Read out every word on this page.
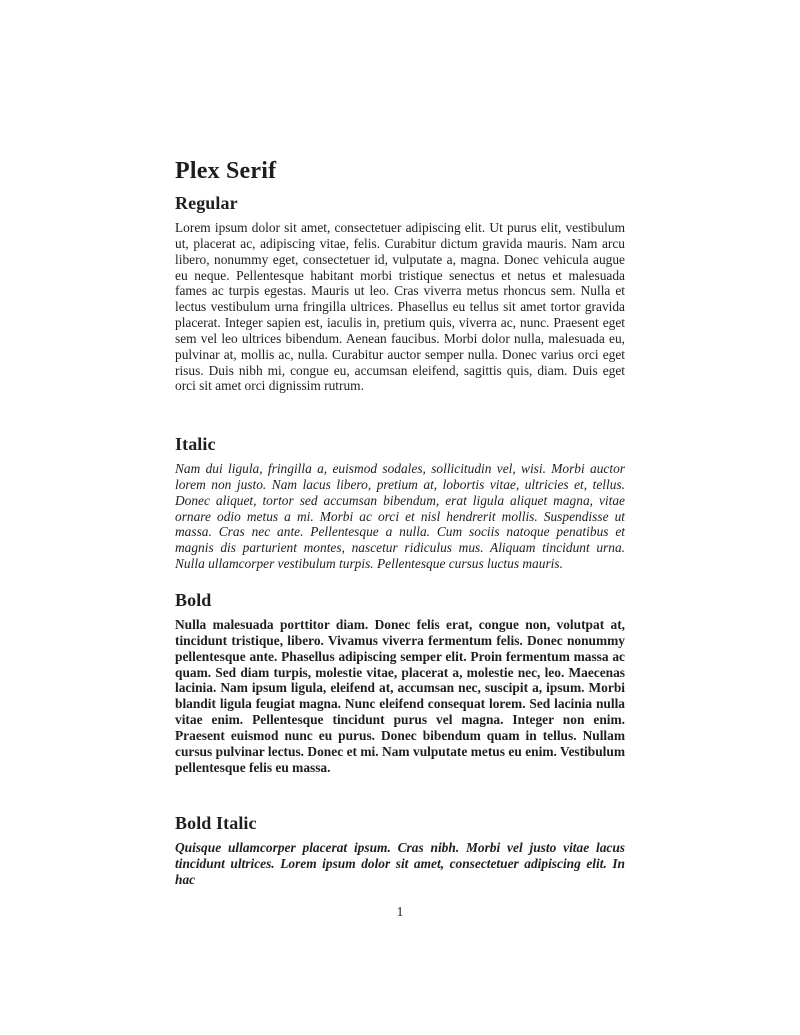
Plex Serif
Regular

Lorem ipsum dolor sit amet, consectetuer adipiscing elit. Ut purus elit, vestibulum ut, placerat ac, adipiscing vitae, felis. Curabitur dictum gravida mauris. Nam arcu libero, nonummy eget, consectetuer id, vulputate a, magna. Donec vehicula augue eu neque. Pellentesque habitant morbi tristique senectus et netus et malesuada fames ac turpis egestas. Mauris ut leo. Cras viverra metus rhoncus sem. Nulla et lectus vestibulum urna fringilla ultrices. Phasellus eu tellus sit amet tortor gravida placerat. Integer sapien est, iaculis in, pretium quis, viverra ac, nunc. Praesent eget sem vel leo ultrices bibendum. Aenean faucibus. Morbi dolor nulla, malesuada eu, pulvinar at, mollis ac, nulla. Curabitur auctor semper nulla. Donec varius orci eget risus. Duis nibh mi, congue eu, accumsan eleifend, sagittis quis, diam. Duis eget orci sit amet orci dignissim rutrum.

Italic

Nam dui ligula, fringilla a, euismod sodales, sollicitudin vel, wisi. Morbi auctor lorem non justo. Nam lacus libero, pretium at, lobortis vitae, ultricies et, tellus. Donec aliquet, tortor sed accumsan bibendum, erat ligula aliquet magna, vitae ornare odio metus a mi. Morbi ac orci et nisl hendrerit mollis. Suspendisse ut massa. Cras nec ante. Pellentesque a nulla. Cum sociis natoque penatibus et magnis dis parturient montes, nascetur ridiculus mus. Aliquam tincidunt urna. Nulla ullamcorper vestibulum turpis. Pellentesque cursus luctus mauris.

Bold

Nulla malesuada porttitor diam. Donec felis erat, congue non, volutpat at, tincidunt tristique, libero. Vivamus viverra fermentum felis. Donec nonummy pellentesque ante. Phasellus adipiscing semper elit. Proin fermentum massa ac quam. Sed diam turpis, molestie vitae, placerat a, molestie nec, leo. Maecenas lacinia. Nam ipsum ligula, eleifend at, accumsan nec, suscipit a, ipsum. Morbi blandit ligula feugiat magna. Nunc eleifend consequat lorem. Sed lacinia nulla vitae enim. Pellentesque tincidunt purus vel magna. Integer non enim. Praesent euismod nunc eu purus. Donec bibendum quam in tellus. Nullam cursus pulvinar lectus. Donec et mi. Nam vulputate metus eu enim. Vestibulum pellentesque felis eu massa.

Bold Italic

Quisque ullamcorper placerat ipsum. Cras nibh. Morbi vel justo vitae lacus tincidunt ultrices. Lorem ipsum dolor sit amet, consectetuer adipiscing elit. In hac

1
